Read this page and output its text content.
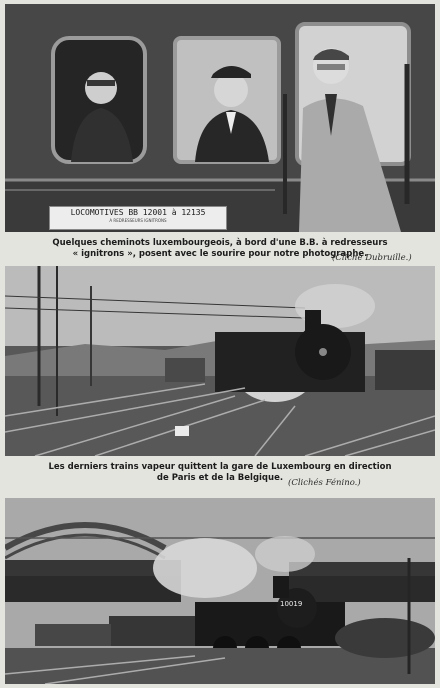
LOCOMOTIVES BB 12001 à 12135
A REDRESSEURS IGNITRONS
Quelques cheminots luxembourgeois, à bord d'une B.B. à redresseurs
« ignitrons », posent avec le sourire pour notre photographe.
(Cliché Dubruille.)
Les derniers trains vapeur quittent la gare de Luxembourg en direction
de Paris et de la Belgique. (Clichés Fénino.)
10019
